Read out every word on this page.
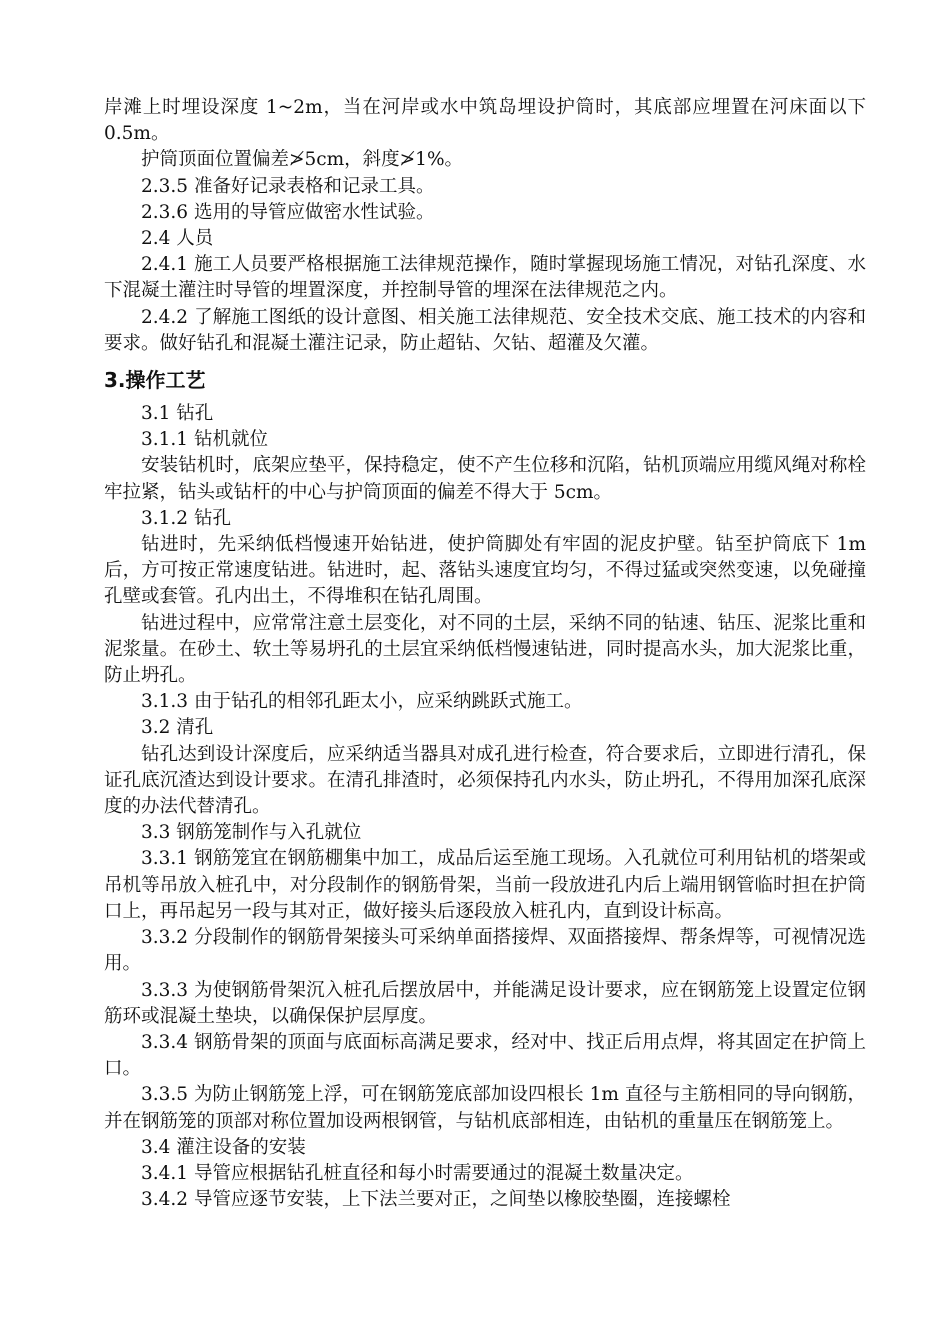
岸滩上时埋设深度 1~2m，当在河岸或水中筑岛埋设护筒时，其底部应埋置在河床面以下 0.5m。

护筒顶面位置偏差≯5cm，斜度≯1%。

2.3.5 准备好记录表格和记录工具。

2.3.6 选用的导管应做密水性试验。

2.4 人员

2.4.1 施工人员要严格根据施工法律规范操作，随时掌握现场施工情况，对钻孔深度、水下混凝土灌注时导管的埋置深度，并控制导管的埋深在法律规范之内。

2.4.2 了解施工图纸的设计意图、相关施工法律规范、安全技术交底、施工技术的内容和要求。做好钻孔和混凝土灌注记录，防止超钻、欠钻、超灌及欠灌。

3.操作工艺

3.1 钻孔

3.1.1 钻机就位

安装钻机时，底架应垫平，保持稳定，使不产生位移和沉陷，钻机顶端应用缆风绳对称栓牢拉紧，钻头或钻杆的中心与护筒顶面的偏差不得大于 5cm。

3.1.2 钻孔

钻进时，先采纳低档慢速开始钻进，使护筒脚处有牢固的泥皮护壁。钻至护筒底下 1m 后，方可按正常速度钻进。钻进时，起、落钻头速度宜均匀，不得过猛或突然变速，以免碰撞孔壁或套管。孔内出土，不得堆积在钻孔周围。

钻进过程中，应常常注意土层变化，对不同的土层，采纳不同的钻速、钻压、泥浆比重和泥浆量。在砂土、软土等易坍孔的土层宜采纳低档慢速钻进，同时提高水头，加大泥浆比重，防止坍孔。

3.1.3 由于钻孔的相邻孔距太小，应采纳跳跃式施工。

3.2 清孔

钻孔达到设计深度后，应采纳适当器具对成孔进行检查，符合要求后，立即进行清孔，保证孔底沉渣达到设计要求。在清孔排渣时，必须保持孔内水头，防止坍孔，不得用加深孔底深度的办法代替清孔。

3.3 钢筋笼制作与入孔就位

3.3.1 钢筋笼宜在钢筋棚集中加工，成品后运至施工现场。入孔就位可利用钻机的塔架或吊机等吊放入桩孔中，对分段制作的钢筋骨架，当前一段放进孔内后上端用钢管临时担在护筒口上，再吊起另一段与其对正，做好接头后逐段放入桩孔内，直到设计标高。

3.3.2 分段制作的钢筋骨架接头可采纳单面搭接焊、双面搭接焊、帮条焊等，可视情况选用。

3.3.3 为使钢筋骨架沉入桩孔后摆放居中，并能满足设计要求，应在钢筋笼上设置定位钢筋环或混凝土垫块，以确保保护层厚度。

3.3.4 钢筋骨架的顶面与底面标高满足要求，经对中、找正后用点焊，将其固定在护筒上口。

3.3.5 为防止钢筋笼上浮，可在钢筋笼底部加设四根长 1m 直径与主筋相同的导向钢筋，并在钢筋笼的顶部对称位置加设两根钢管，与钻机底部相连，由钻机的重量压在钢筋笼上。

3.4 灌注设备的安装

3.4.1 导管应根据钻孔桩直径和每小时需要通过的混凝土数量决定。

3.4.2 导管应逐节安装，上下法兰要对正，之间垫以橡胶垫圈，连接螺栓
